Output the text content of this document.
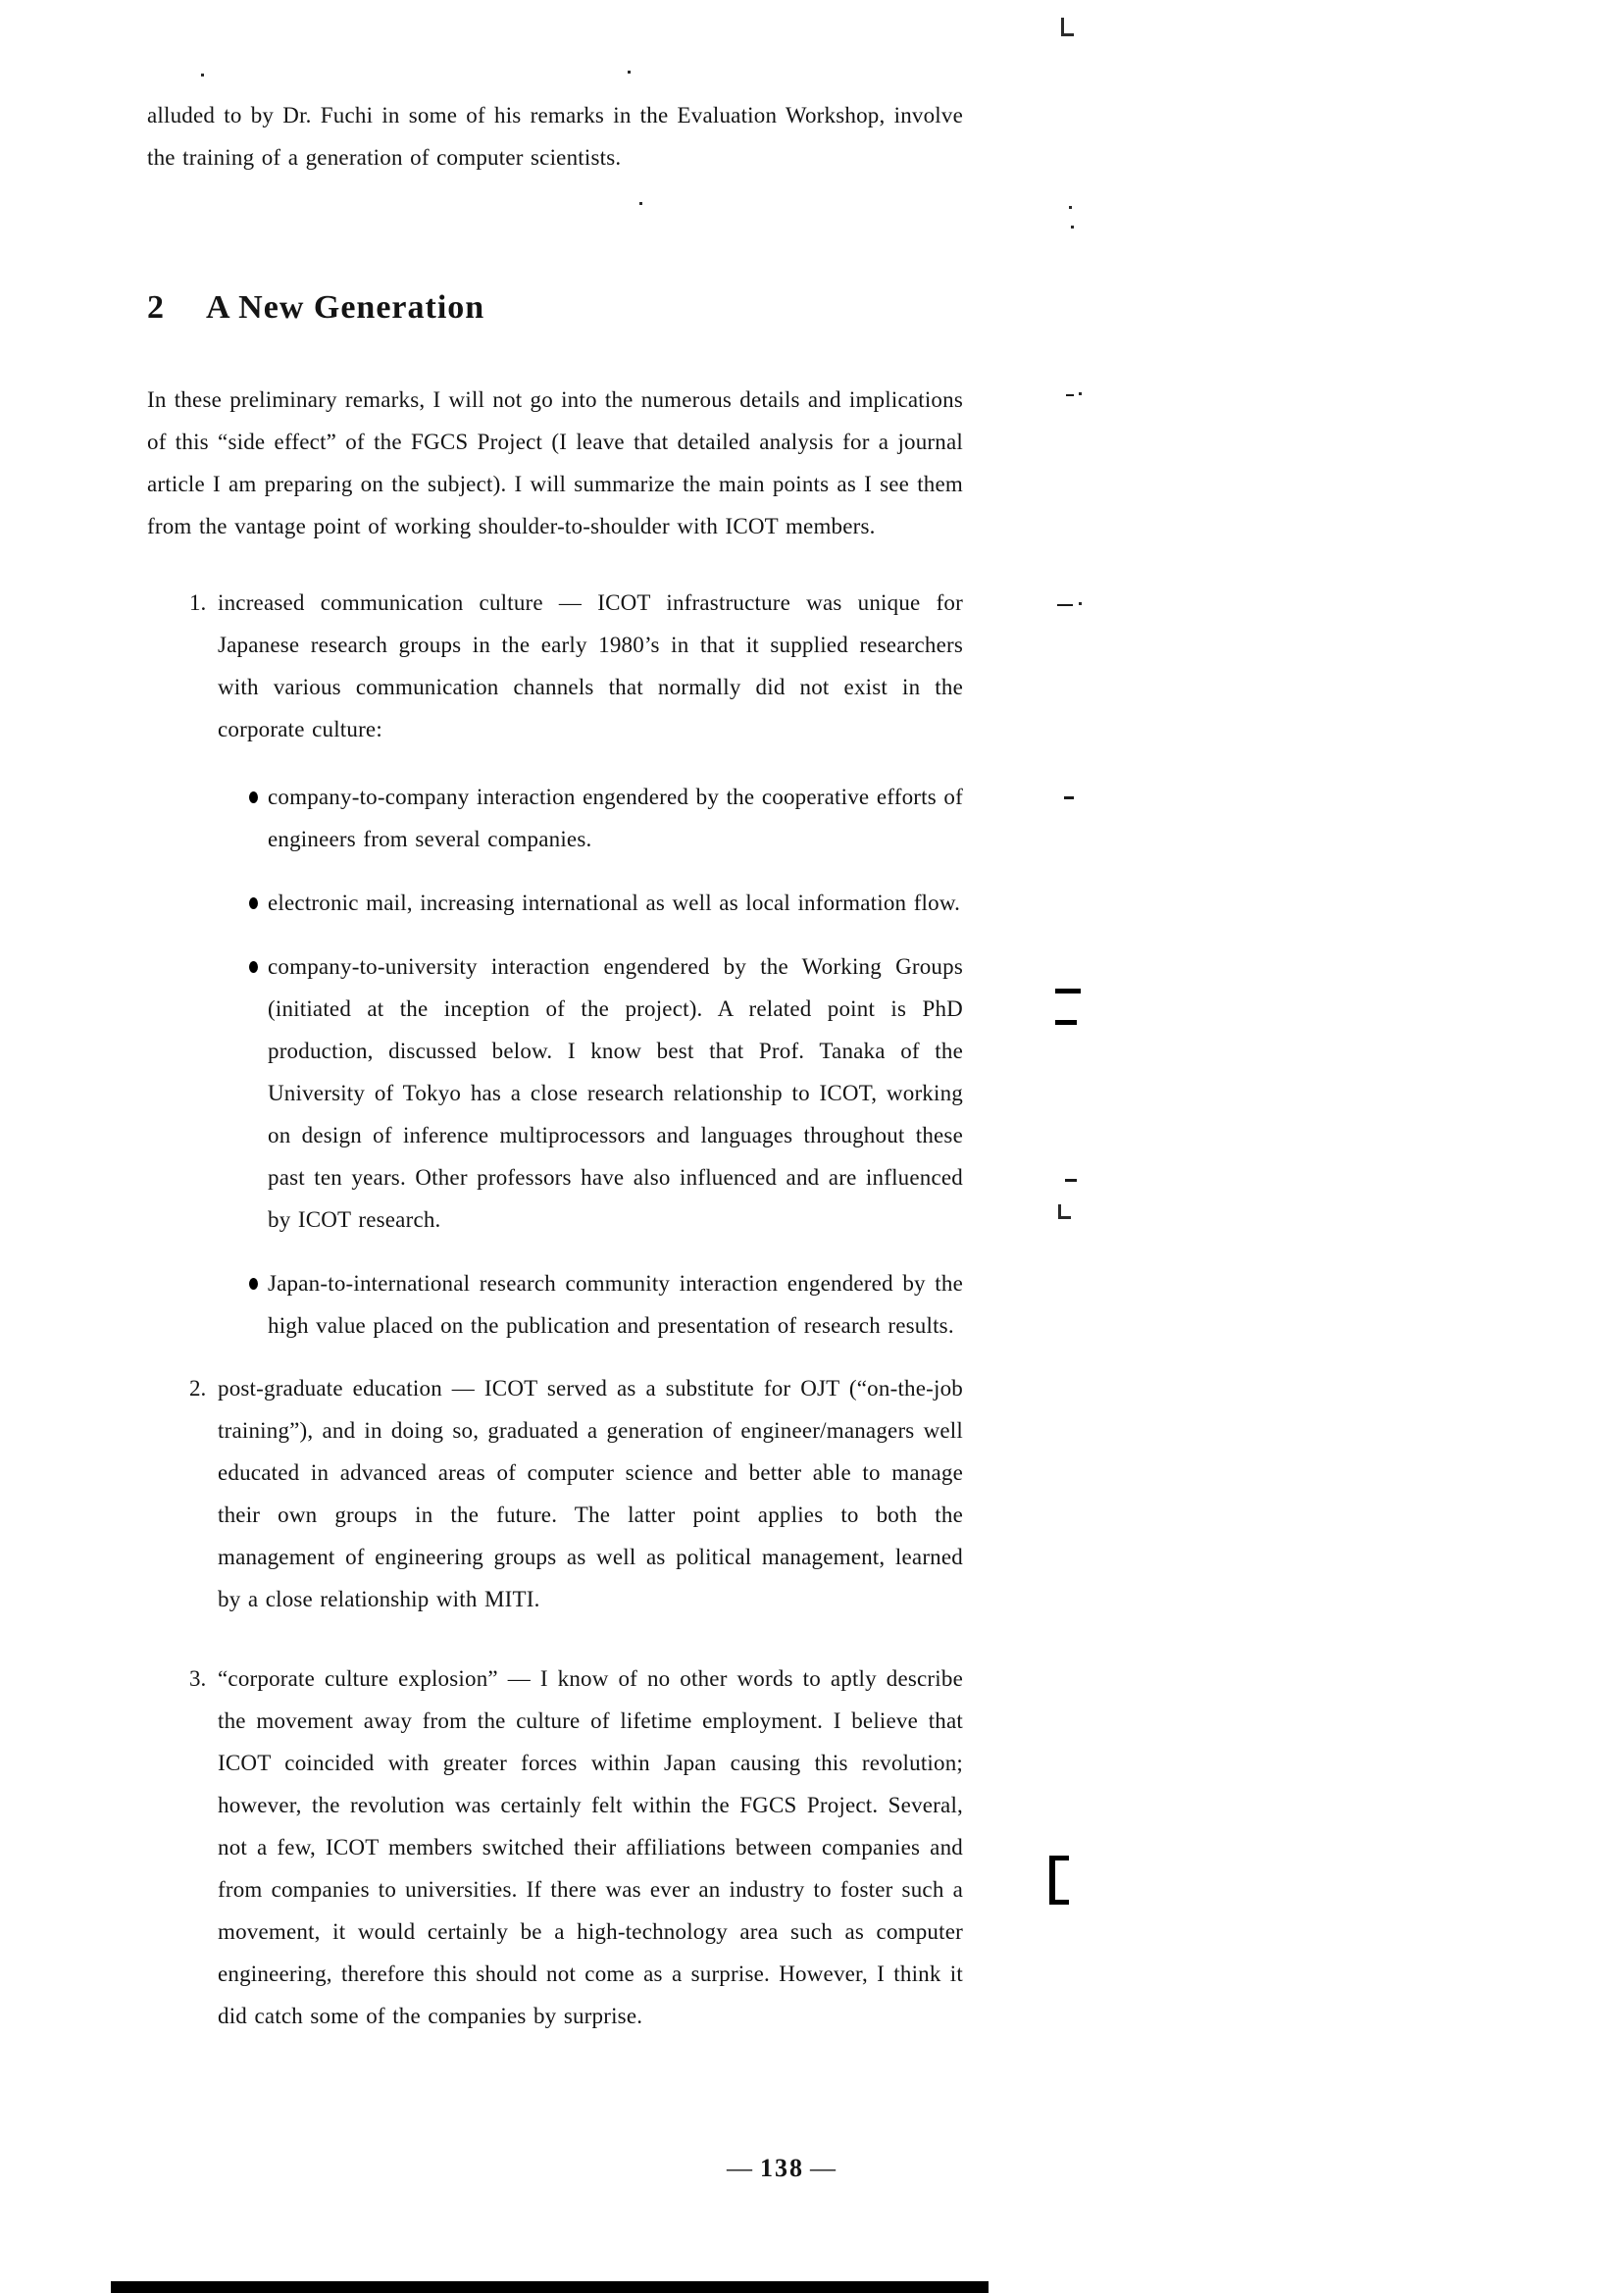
alluded to by Dr. Fuchi in some of his remarks in the Evaluation Workshop, involve the training of a generation of computer scientists.

2 A New Generation

In these preliminary remarks, I will not go into the numerous details and implications of this “side effect” of the FGCS Project (I leave that detailed analysis for a journal article I am preparing on the subject). I will summarize the main points as I see them from the vantage point of working shoulder-to-shoulder with ICOT members.

1. increased communication culture — ICOT infrastructure was unique for Japanese research groups in the early 1980’s in that it supplied researchers with various communication channels that normally did not exist in the corporate culture:

company-to-company interaction engendered by the cooperative efforts of engineers from several companies.

electronic mail, increasing international as well as local information flow.

company-to-university interaction engendered by the Working Groups (initiated at the inception of the project). A related point is PhD production, discussed below. I know best that Prof. Tanaka of the University of Tokyo has a close research relationship to ICOT, working on design of inference multiprocessors and languages throughout these past ten years. Other professors have also influenced and are influenced by ICOT research.

Japan-to-international research community interaction engendered by the high value placed on the publication and presentation of research results.

2. post-graduate education — ICOT served as a substitute for OJT (“on-the-job training”), and in doing so, graduated a generation of engineer/managers well educated in advanced areas of computer science and better able to manage their own groups in the future. The latter point applies to both the management of engineering groups as well as political management, learned by a close relationship with MITI.

3. “corporate culture explosion” — I know of no other words to aptly describe the movement away from the culture of lifetime employment. I believe that ICOT coincided with greater forces within Japan causing this revolution; however, the revolution was certainly felt within the FGCS Project. Several, not a few, ICOT members switched their affiliations between companies and from companies to universities. If there was ever an industry to foster such a movement, it would certainly be a high-technology area such as computer engineering, therefore this should not come as a surprise. However, I think it did catch some of the companies by surprise.

— 138 —
